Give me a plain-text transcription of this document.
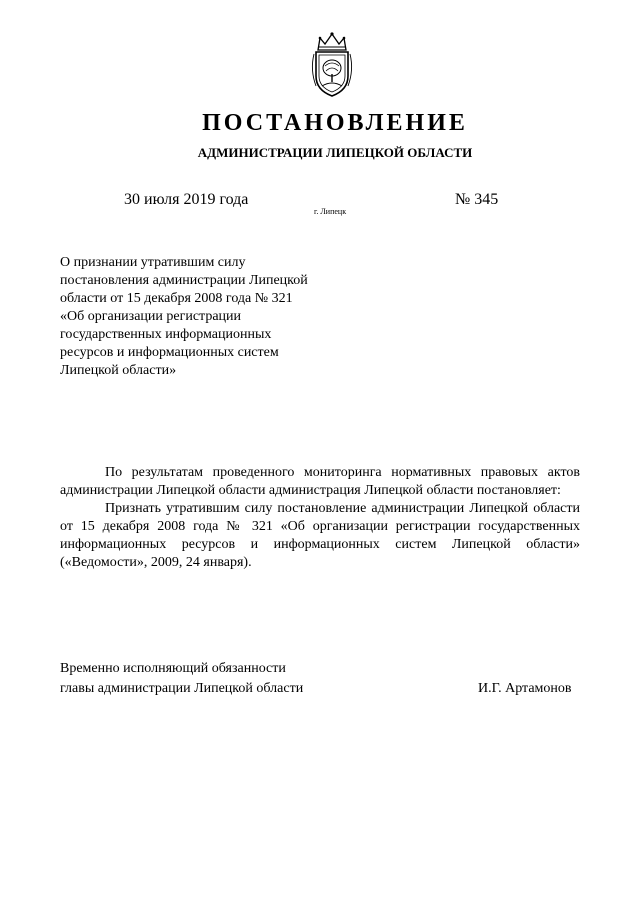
ПОСТАНОВЛЕНИЕ
АДМИНИСТРАЦИИ ЛИПЕЦКОЙ ОБЛАСТИ
30 июля 2019 года
г. Липецк
№ 345
О признании утратившим силу постановления администрации Липецкой области от 15 декабря 2008 года № 321 «Об организации регистрации государственных информационных ресурсов и информационных систем Липецкой области»

По результатам проведенного мониторинга нормативных правовых актов администрации Липецкой области администрация Липецкой области постановляет:

Признать утратившим силу постановление администрации Липецкой области от 15 декабря 2008 года № 321 «Об организации регистрации государственных информационных ресурсов и информационных систем Липецкой области» («Ведомости», 2009, 24 января).

Временно исполняющий обязанности
главы администрации Липецкой области	И.Г. Артамонов
